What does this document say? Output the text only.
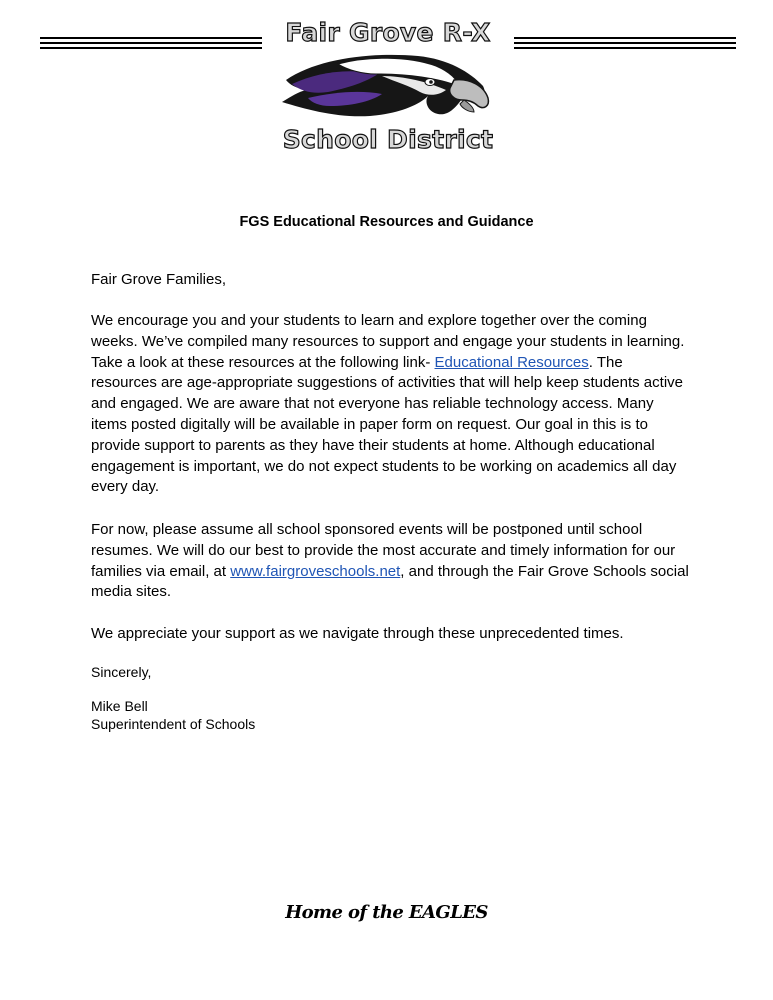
Fair Grove R-X
School District
FGS Educational Resources and Guidance

Fair Grove Families,

We encourage you and your students to learn and explore together over the coming weeks. We’ve compiled many resources to support and engage your students in learning. Take a look at these resources at the following link- Educational Resources. The resources are age-appropriate suggestions of activities that will help keep students active and engaged. We are aware that not everyone has reliable technology access. Many items posted digitally will be available in paper form on request. Our goal in this is to provide support to parents as they have their students at home. Although educational engagement is important, we do not expect students to be working on academics all day every day.

For now, please assume all school sponsored events will be postponed until school resumes. We will do our best to provide the most accurate and timely information for our families via email, at www.fairgroveschools.net, and through the Fair Grove Schools social media sites.

We appreciate your support as we navigate through these unprecedented times.

Sincerely,
Mike Bell
Superintendent of Schools
Home of the EAGLES
